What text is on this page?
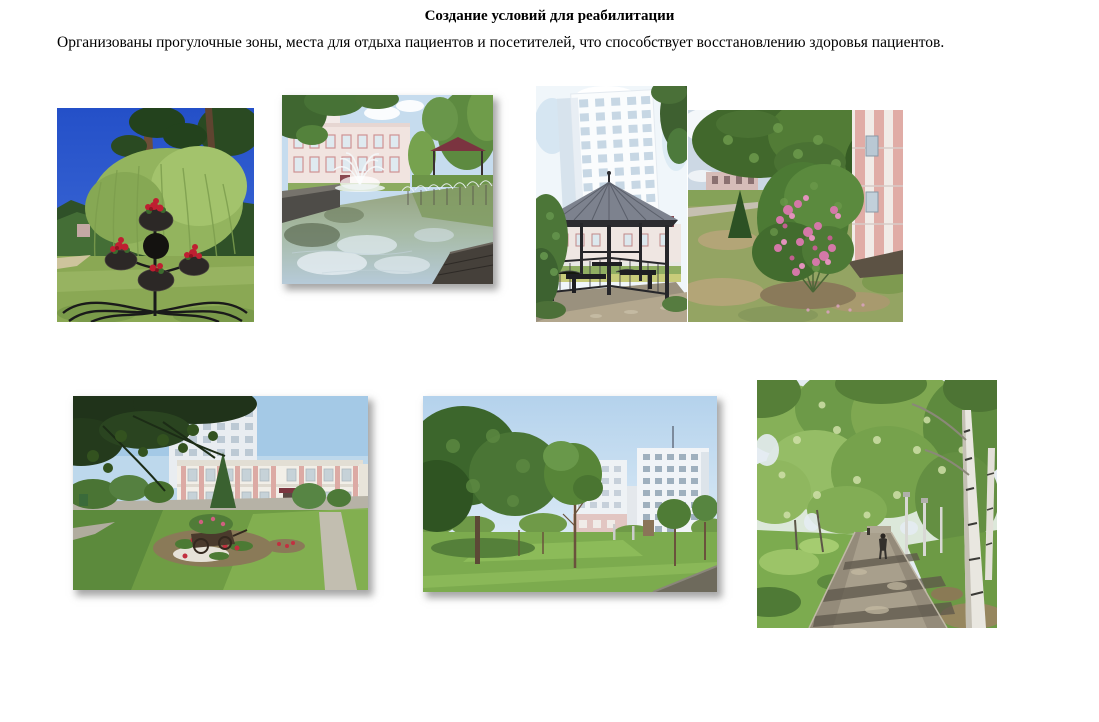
Создание условий для реабилитации
Организованы прогулочные зоны, места для отдыха пациентов и посетителей, что способствует восстановлению здоровья пациентов.
